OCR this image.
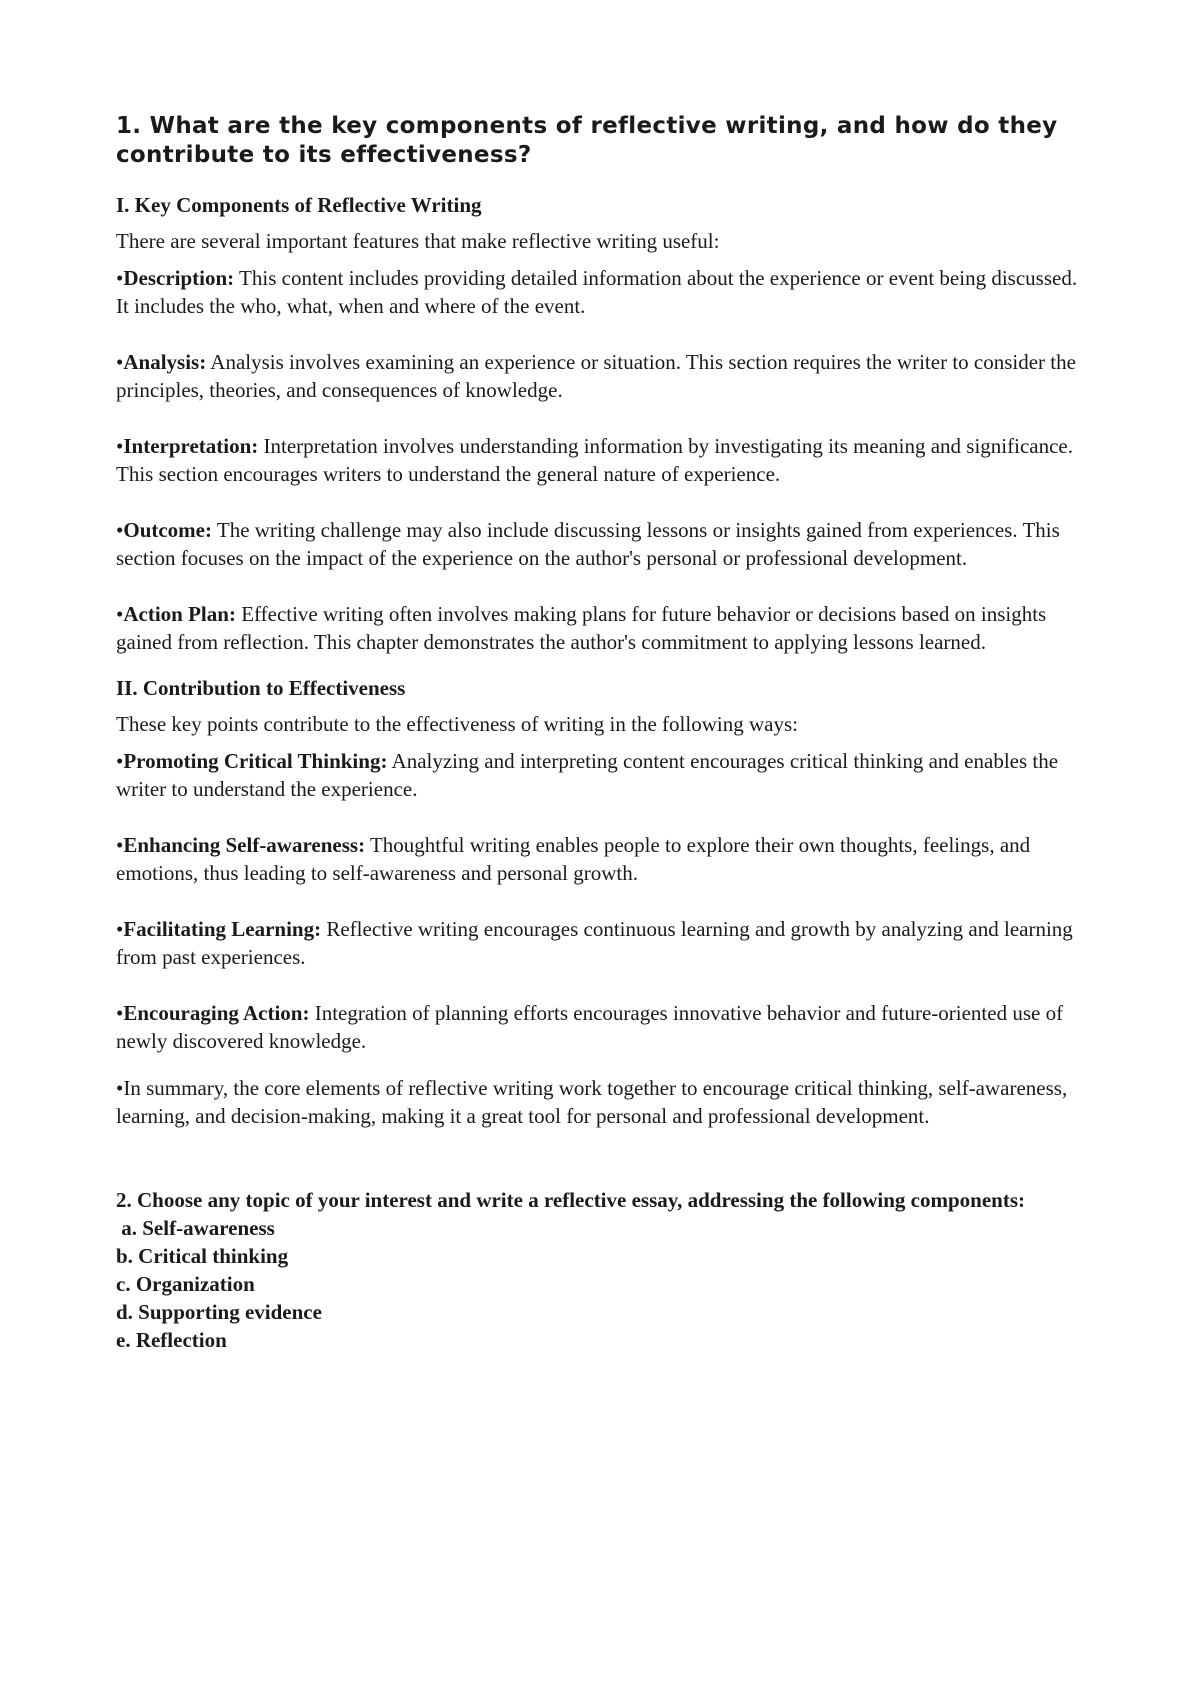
1. What are the key components of reflective writing, and how do they contribute to its effectiveness?
I. Key Components of Reflective Writing
There are several important features that make reflective writing useful:

•Description: This content includes providing detailed information about the experience or event being discussed. It includes the who, what, when and where of the event.

•Analysis: Analysis involves examining an experience or situation. This section requires the writer to consider the principles, theories, and consequences of knowledge.

•Interpretation: Interpretation involves understanding information by investigating its meaning and significance. This section encourages writers to understand the general nature of experience.

•Outcome: The writing challenge may also include discussing lessons or insights gained from experiences. This section focuses on the impact of the experience on the author's personal or professional development.

•Action Plan: Effective writing often involves making plans for future behavior or decisions based on insights gained from reflection. This chapter demonstrates the author's commitment to applying lessons learned.

II. Contribution to Effectiveness
These key points contribute to the effectiveness of writing in the following ways:

•Promoting Critical Thinking: Analyzing and interpreting content encourages critical thinking and enables the writer to understand the experience.

•Enhancing Self-awareness: Thoughtful writing enables people to explore their own thoughts, feelings, and emotions, thus leading to self-awareness and personal growth.

•Facilitating Learning: Reflective writing encourages continuous learning and growth by analyzing and learning from past experiences.

•Encouraging Action: Integration of planning efforts encourages innovative behavior and future-oriented use of newly discovered knowledge.

•In summary, the core elements of reflective writing work together to encourage critical thinking, self-awareness, learning, and decision-making, making it a great tool for personal and professional development.

2. Choose any topic of your interest and write a reflective essay, addressing the following components:

a. Self-awareness
b. Critical thinking
c. Organization
d. Supporting evidence
e. Reflection
